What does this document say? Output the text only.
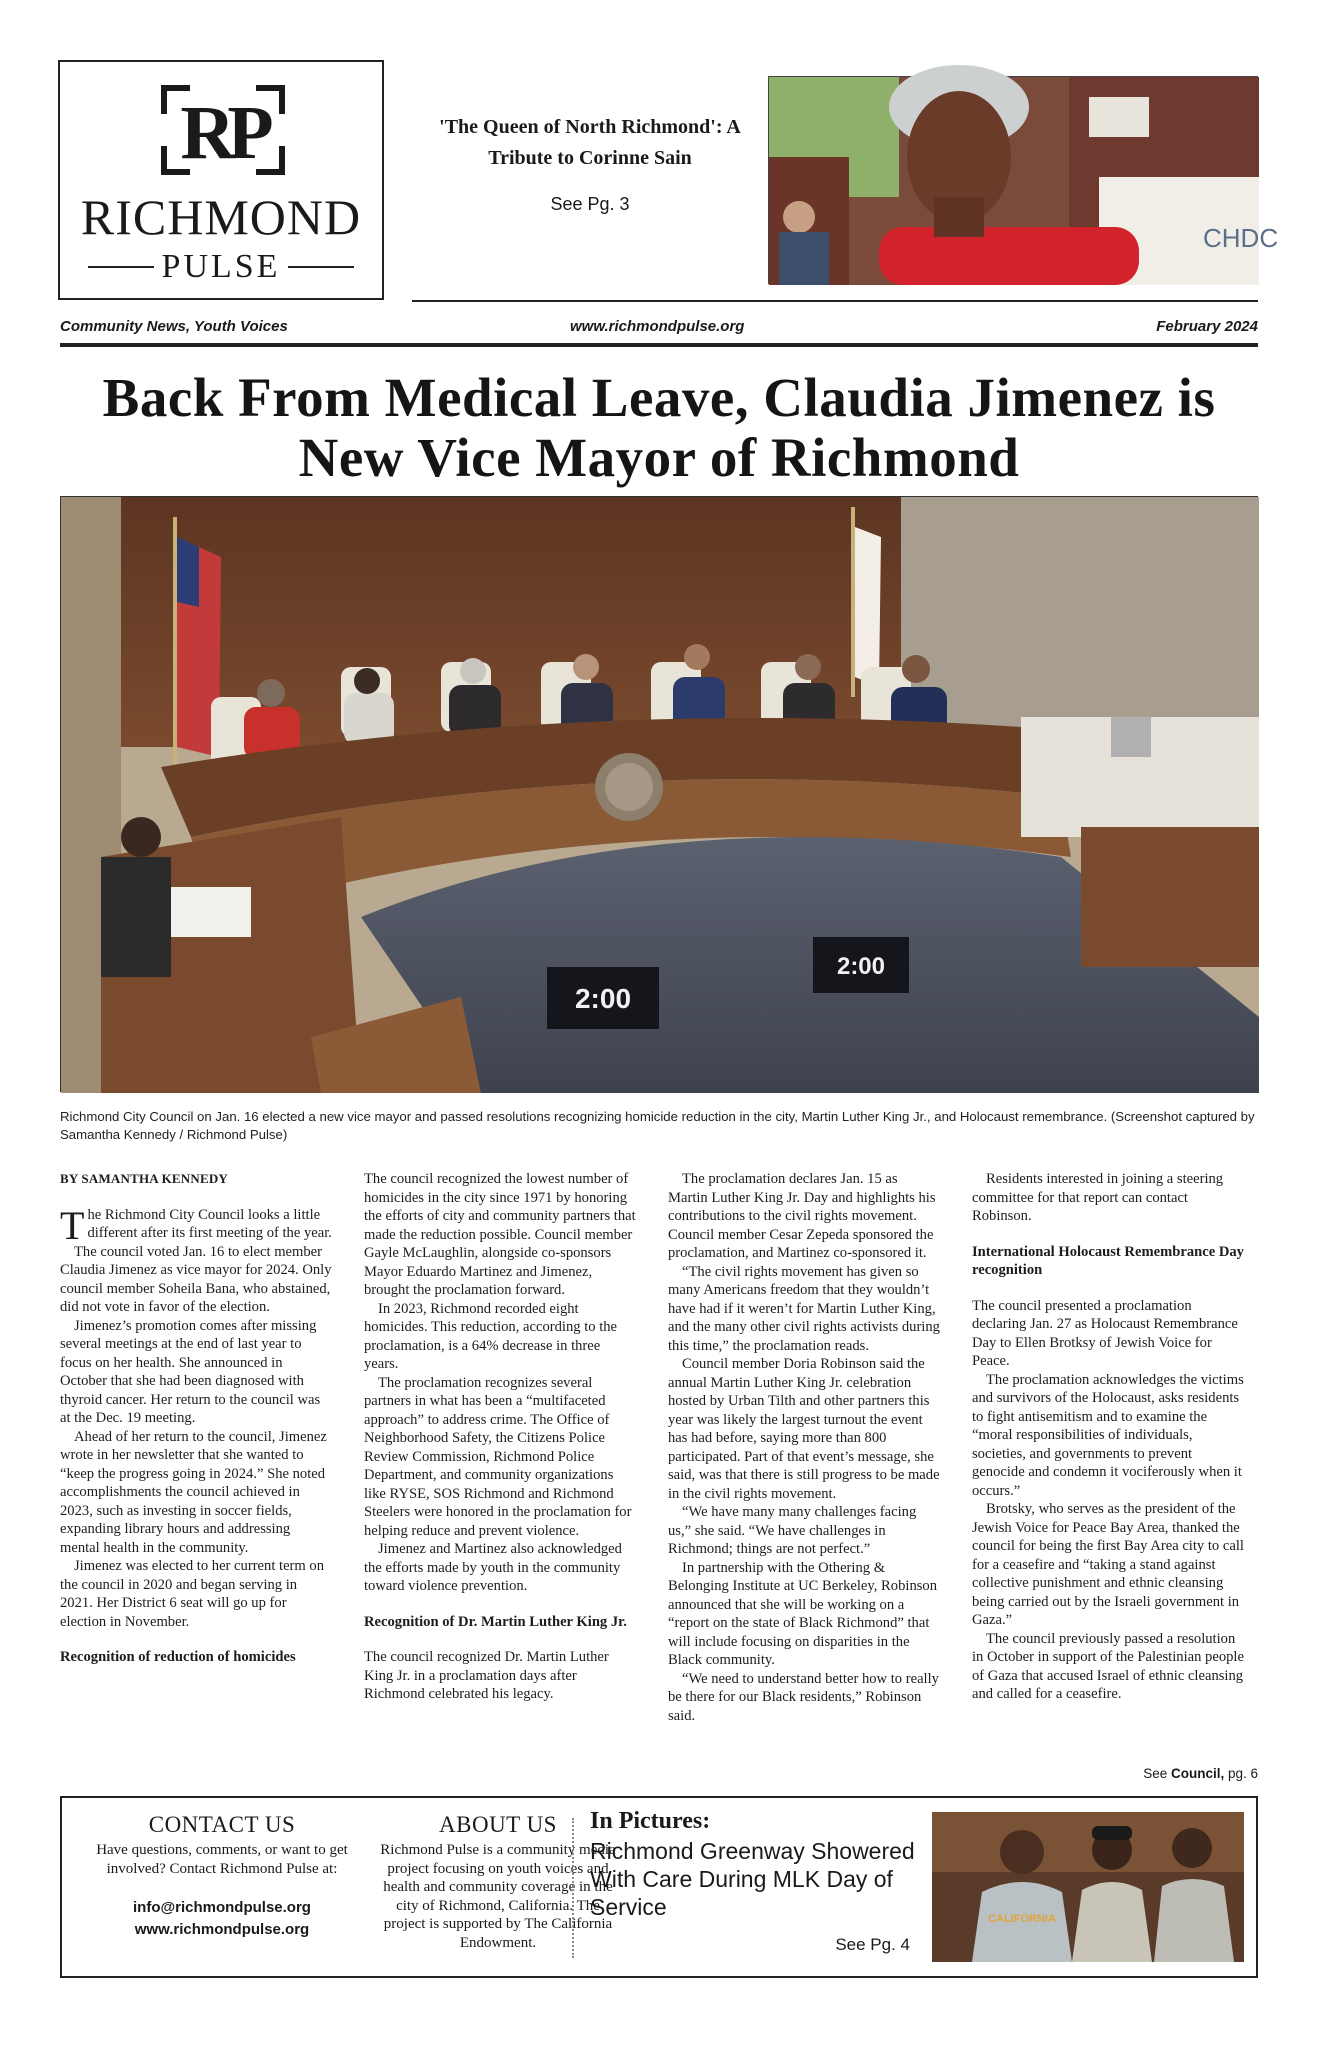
RP
RICHMOND
PULSE
'The Queen of North Richmond': A Tribute to Corinne Sain
See Pg. 3
CHDC
Community News, Youth Voices	www.richmondpulse.org	February 2024
Back From Medical Leave, Claudia Jimenez is New Vice Mayor of Richmond
2:00
2:00
Richmond City Council on Jan. 16 elected a new vice mayor and passed resolutions recognizing homicide reduction in the city, Martin Luther King Jr., and Holocaust remembrance. (Screenshot captured by Samantha Kennedy / Richmond Pulse)
BY SAMANTHA KENNEDY

The Richmond City Council looks a little different after its first meeting of the year.

The council voted Jan. 16 to elect member Claudia Jimenez as vice mayor for 2024. Only council member Soheila Bana, who abstained, did not vote in favor of the election.

Jimenez’s promotion comes after missing several meetings at the end of last year to focus on her health. She announced in October that she had been diagnosed with thyroid cancer. Her return to the council was at the Dec. 19 meeting.

Ahead of her return to the council, Jimenez wrote in her newsletter that she wanted to “keep the progress going in 2024.” She noted accomplishments the council achieved in 2023, such as investing in soccer fields, expanding library hours and addressing mental health in the community.

Jimenez was elected to her current term on the council in 2020 and began serving in 2021. Her District 6 seat will go up for election in November.

Recognition of reduction of homicides

The council recognized the lowest number of homicides in the city since 1971 by honoring the efforts of city and community partners that made the reduction possible. Council member Gayle McLaughlin, alongside co-sponsors Mayor Eduardo Martinez and Jimenez, brought the proclamation forward.

In 2023, Richmond recorded eight homicides. This reduction, according to the proclamation, is a 64% decrease in three years.

The proclamation recognizes several partners in what has been a “multifaceted approach” to address crime. The Office of Neighborhood Safety, the Citizens Police Review Commission, Richmond Police Department, and community organizations like RYSE, SOS Richmond and Richmond Steelers were honored in the proclamation for helping reduce and prevent violence.

Jimenez and Martinez also acknowledged the efforts made by youth in the community toward violence prevention.

Recognition of Dr. Martin Luther King Jr.

The council recognized Dr. Martin Luther King Jr. in a proclamation days after Richmond celebrated his legacy.

The proclamation declares Jan. 15 as Martin Luther King Jr. Day and highlights his contributions to the civil rights movement. Council member Cesar Zepeda sponsored the proclamation, and Martinez co-sponsored it.

“The civil rights movement has given so many Americans freedom that they wouldn’t have had if it weren’t for Martin Luther King, and the many other civil rights activists during this time,” the proclamation reads.

Council member Doria Robinson said the annual Martin Luther King Jr. celebration hosted by Urban Tilth and other partners this year was likely the largest turnout the event has had before, saying more than 800 participated. Part of that event’s message, she said, was that there is still progress to be made in the civil rights movement.

“We have many many challenges facing us,” she said. “We have challenges in Richmond; things are not perfect.”

In partnership with the Othering & Belonging Institute at UC Berkeley, Robinson announced that she will be working on a “report on the state of Black Richmond” that will include focusing on disparities in the Black community.

“We need to understand better how to really be there for our Black residents,” Robinson said.

Residents interested in joining a steering committee for that report can contact Robinson.

International Holocaust Remembrance Day recognition

The council presented a proclamation declaring Jan. 27 as Holocaust Remembrance Day to Ellen Brotksy of Jewish Voice for Peace.

The proclamation acknowledges the victims and survivors of the Holocaust, asks residents to fight antisemitism and to examine the “moral responsibilities of individuals, societies, and governments to prevent genocide and condemn it vociferously when it occurs.”

Brotsky, who serves as the president of the Jewish Voice for Peace Bay Area, thanked the council for being the first Bay Area city to call for a ceasefire and “taking a stand against collective punishment and ethnic cleansing being carried out by the Israeli government in Gaza.”

The council previously passed a resolution in October in support of the Palestinian people of Gaza that accused Israel of ethnic cleansing and called for a ceasefire.

See Council, pg. 6
CONTACT US
Have questions, comments, or want to get involved? Contact Richmond Pulse at:
info@richmondpulse.org
www.richmondpulse.org
ABOUT US
Richmond Pulse is a community media project focusing on youth voices and health and community coverage in the city of Richmond, California. The project is supported by The California Endowment.
In Pictures:
Richmond Greenway Showered With Care During MLK Day of Service
See Pg. 4
CALIFORNIA
